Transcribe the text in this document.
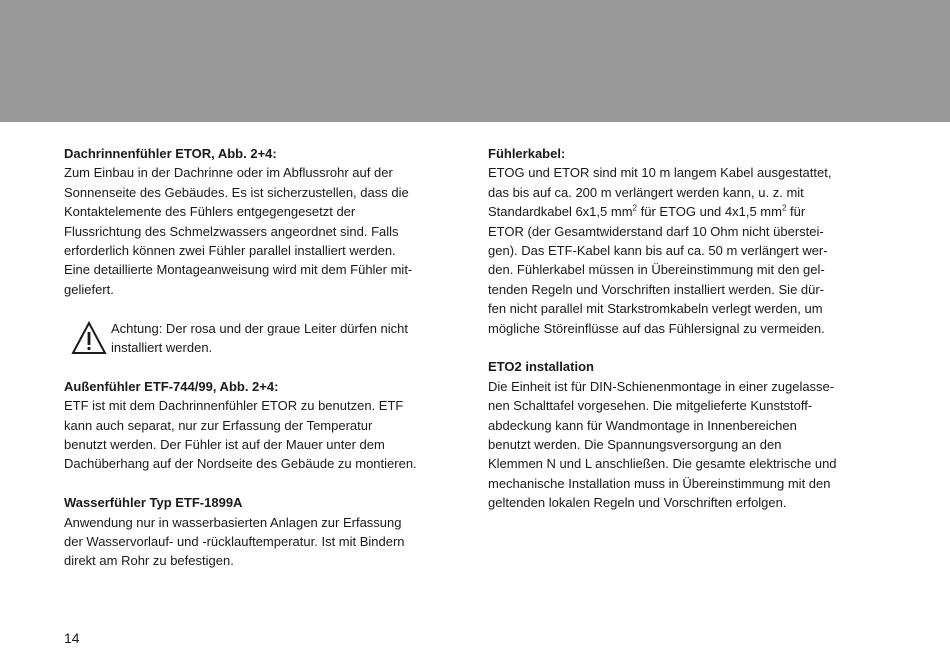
Dachrinnenfühler ETOR, Abb. 2+4:

Zum Einbau in der Dachrinne oder im Abflussrohr auf der
Sonnenseite des Gebäudes. Es ist sicherzustellen, dass die
Kontaktelemente des Fühlers entgegengesetzt der
Flussrichtung des Schmelzwassers angeordnet sind. Falls
erforderlich können zwei Fühler parallel installiert werden.
Eine detaillierte Montageanweisung wird mit dem Fühler mit-
geliefert.

Achtung: Der rosa und der graue Leiter dürfen nicht
installiert werden.

Außenfühler ETF-744/99, Abb. 2+4:

ETF ist mit dem Dachrinnenfühler ETOR zu benutzen. ETF
kann auch separat, nur zur Erfassung der Temperatur
benutzt werden. Der Fühler ist auf der Mauer unter dem
Dachüberhang auf der Nordseite des Gebäude zu montieren.

Wasserfühler Typ ETF-1899A

Anwendung nur in wasserbasierten Anlagen zur Erfassung
der Wasservorlauf- und -rücklauftemperatur. Ist mit Bindern
direkt am Rohr zu befestigen.

Fühlerkabel:

ETOG und ETOR sind mit 10 m langem Kabel ausgestattet,
das bis auf ca. 200 m verlängert werden kann, u. z. mit
Standardkabel 6x1,5 $mm^2$ für ETOG und 4x1,5 $mm^2$ für
ETOR (der Gesamtwiderstand darf 10 Ohm nicht überstei-
gen). Das ETF-Kabel kann bis auf ca. 50 m verlängert wer-
den. Fühlerkabel müssen in Übereinstimmung mit den gel-
tenden Regeln und Vorschriften installiert werden. Sie dür-
fen nicht parallel mit Starkstromkabeln verlegt werden, um
mögliche Störeinflüsse auf das Fühlersignal zu vermeiden.

ETO2 installation

Die Einheit ist für DIN-Schienenmontage in einer zugelasse-
nen Schalttafel vorgesehen. Die mitgelieferte Kunststoff-
abdeckung kann für Wandmontage in Innenbereichen
benutzt werden. Die Spannungsversorgung an den
Klemmen N und L anschließen. Die gesamte elektrische und
mechanische Installation muss in Übereinstimmung mit den
geltenden lokalen Regeln und Vorschriften erfolgen.

14
